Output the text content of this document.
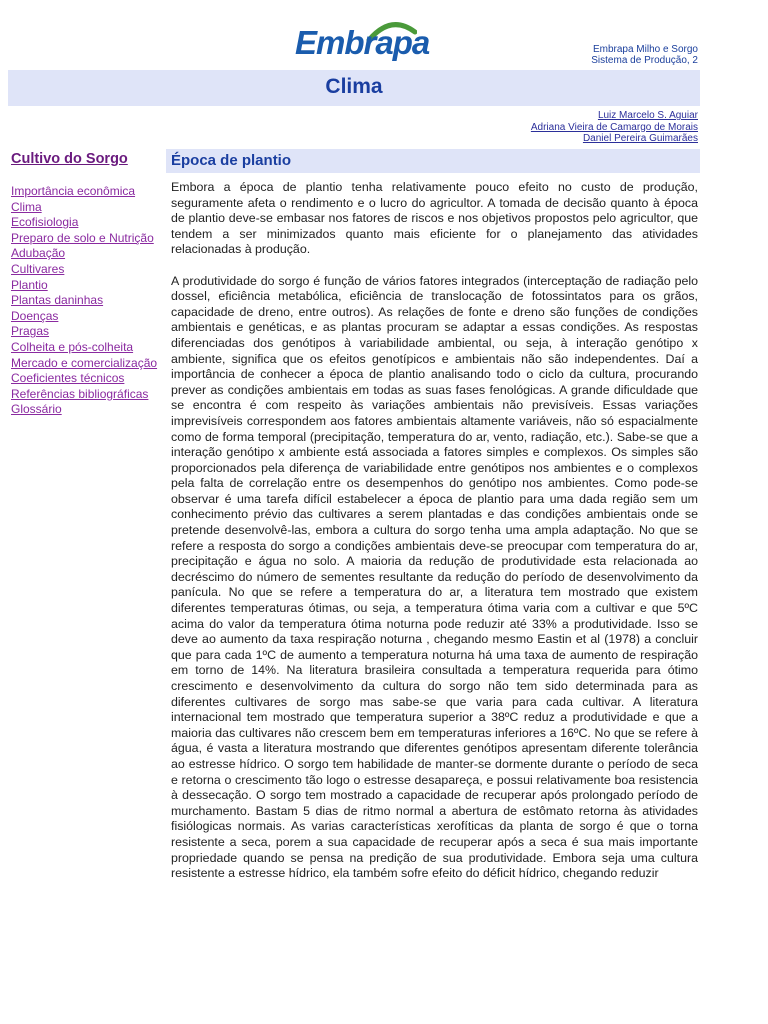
Embrapa	Embrapa Milho e Sorgo
Sistema de Produção, 2
Clima
Luiz Marcelo S. Aguiar
Adriana Vieira de Camargo de Morais
Daniel Pereira Guimarães
Cultivo do Sorgo
Importância econômica
Clima
Ecofisiologia
Preparo de solo e Nutrição
Adubação
Cultivares
Plantio
Plantas daninhas
Doenças
Pragas
Colheita e pós-colheita
Mercado e comercialização
Coeficientes técnicos
Referências bibliográficas
Glossário
Época de plantio

Embora a época de plantio tenha relativamente pouco efeito no custo de produção, seguramente afeta o rendimento e o lucro do agricultor. A tomada de decisão quanto à época de plantio deve-se embasar nos fatores de riscos e nos objetivos propostos pelo agricultor, que tendem a ser minimizados quanto mais eficiente for o planejamento das atividades relacionadas à produção.

A produtividade do sorgo é função de vários fatores integrados (interceptação de radiação pelo dossel, eficiência metabólica, eficiência de translocação de fotossintatos para os grãos, capacidade de dreno, entre outros). As relações de fonte e dreno são funções de condições ambientais e genéticas, e as plantas procuram se adaptar a essas condições. As respostas diferenciadas dos genótipos à variabilidade ambiental, ou seja, à interação genótipo x ambiente, significa que os efeitos genotípicos e ambientais não são independentes. Daí a importância de conhecer a época de plantio analisando todo o ciclo da cultura, procurando prever as condições ambientais em todas as suas fases fenológicas. A grande dificuldade que se encontra é com respeito às variações ambientais não previsíveis. Essas variações imprevisíveis correspondem aos fatores ambientais altamente variáveis, não só espacialmente como de forma temporal (precipitação, temperatura do ar, vento, radiação, etc.). Sabe-se que a interação genótipo x ambiente está associada a fatores simples e complexos. Os simples são proporcionados pela diferença de variabilidade entre genótipos nos ambientes e o complexos pela falta de correlação entre os desempenhos do genótipo nos ambientes. Como pode-se observar é uma tarefa difícil estabelecer a época de plantio para uma dada região sem um conhecimento prévio das cultivares a serem plantadas e das condições ambientais onde se pretende desenvolvê-las, embora a cultura do sorgo tenha uma ampla adaptação. No que se refere a resposta do sorgo a condições ambientais deve-se preocupar com temperatura do ar, precipitação e água no solo. A maioria da redução de produtividade esta relacionada ao decréscimo do número de sementes resultante da redução do período de desenvolvimento da panícula. No que se refere a temperatura do ar, a literatura tem mostrado que existem diferentes temperaturas ótimas, ou seja, a temperatura ótima varia com a cultivar e que 5ºC acima do valor da temperatura ótima noturna pode reduzir até 33% a produtividade. Isso se deve ao aumento da taxa respiração noturna , chegando mesmo Eastin et al (1978) a concluir que para cada 1ºC de aumento a temperatura noturna há uma taxa de aumento de respiração em torno de 14%. Na literatura brasileira consultada a temperatura requerida para ótimo crescimento e desenvolvimento da cultura do sorgo não tem sido determinada para as diferentes cultivares de sorgo mas sabe-se que varia para cada cultivar. A literatura internacional tem mostrado que temperatura superior a 38ºC reduz a produtividade e que a maioria das cultivares não crescem bem em temperaturas inferiores a 16ºC. No que se refere à água, é vasta a literatura mostrando que diferentes genótipos apresentam diferente tolerância ao estresse hídrico. O sorgo tem habilidade de manter-se dormente durante o período de seca e retorna o crescimento tão logo o estresse desapareça, e possui relativamente boa resistencia à dessecação. O sorgo tem mostrado a capacidade de recuperar após prolongado período de murchamento. Bastam 5 dias de ritmo normal a abertura de estômato retorna às atividades fisiólogicas normais. As varias características xerofíticas da planta de sorgo é que o torna resistente a seca, porem a sua capacidade de recuperar após a seca é sua mais importante propriedade quando se pensa na predição de sua produtividade. Embora seja uma cultura resistente a estresse hídrico, ela também sofre efeito do déficit hídrico, chegando reduzir
